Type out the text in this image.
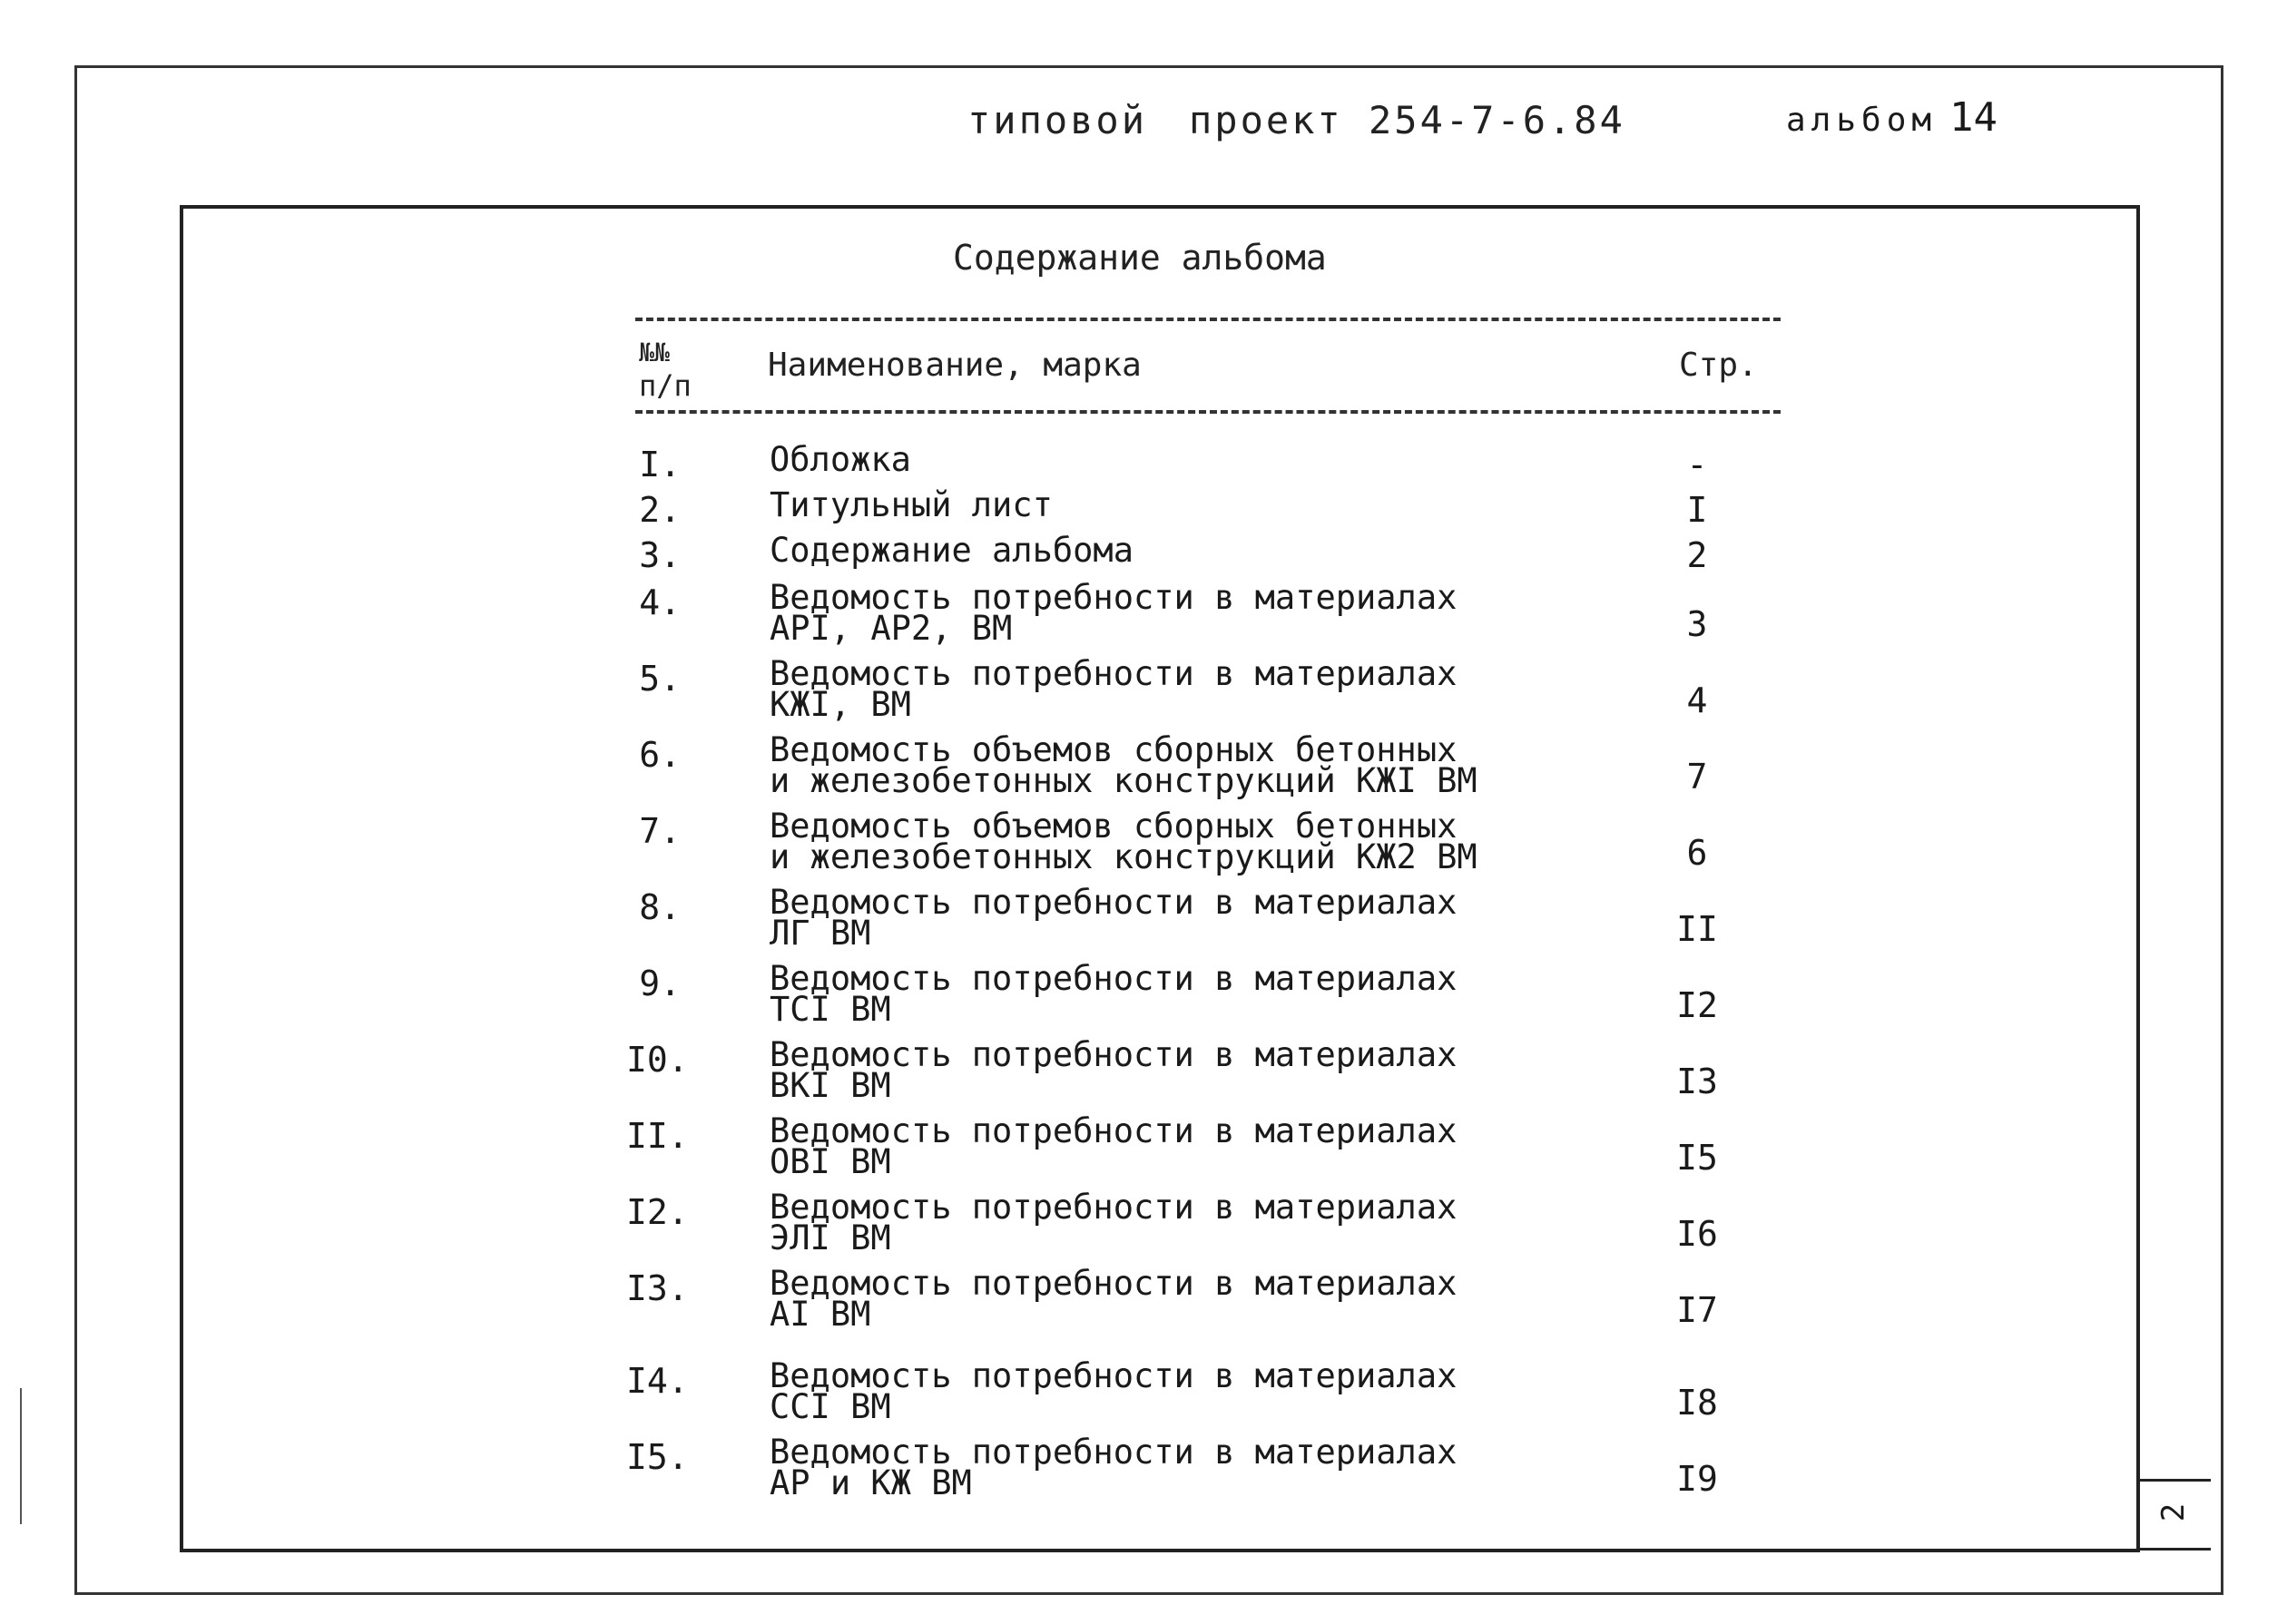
типовой проект 254-7-6.84	альбом 14
2
Содержание альбома
№№
п/п
Наименование, марка	Стр.
I.	Обложка	-
2.	Титульный лист	I
3.	Содержание альбома	2
4.	Ведомость потребности в материалах
АРI, АР2, ВМ	3
5.	Ведомость потребности в материалах
КЖI, ВМ	4
6.	Ведомость объемов сборных бетонных
и железобетонных конструкций КЖI ВМ	7
7.	Ведомость объемов сборных бетонных
и железобетонных конструкций КЖ2 ВМ	6
8.	Ведомость потребности в материалах
ЛГ ВМ	II
9.	Ведомость потребности в материалах
ТСI ВМ	I2
I0. Ведомость потребности в материалах
ВКI ВМ	I3
II. Ведомость потребности в материалах
ОВI ВМ	I5
I2. Ведомость потребности в материалах
ЭЛI ВМ	I6
I3. Ведомость потребности в материалах
АI ВМ	I7
I4. Ведомость потребности в материалах
ССI ВМ	I8
I5. Ведомость потребности в материалах
АР и КЖ ВМ	I9
